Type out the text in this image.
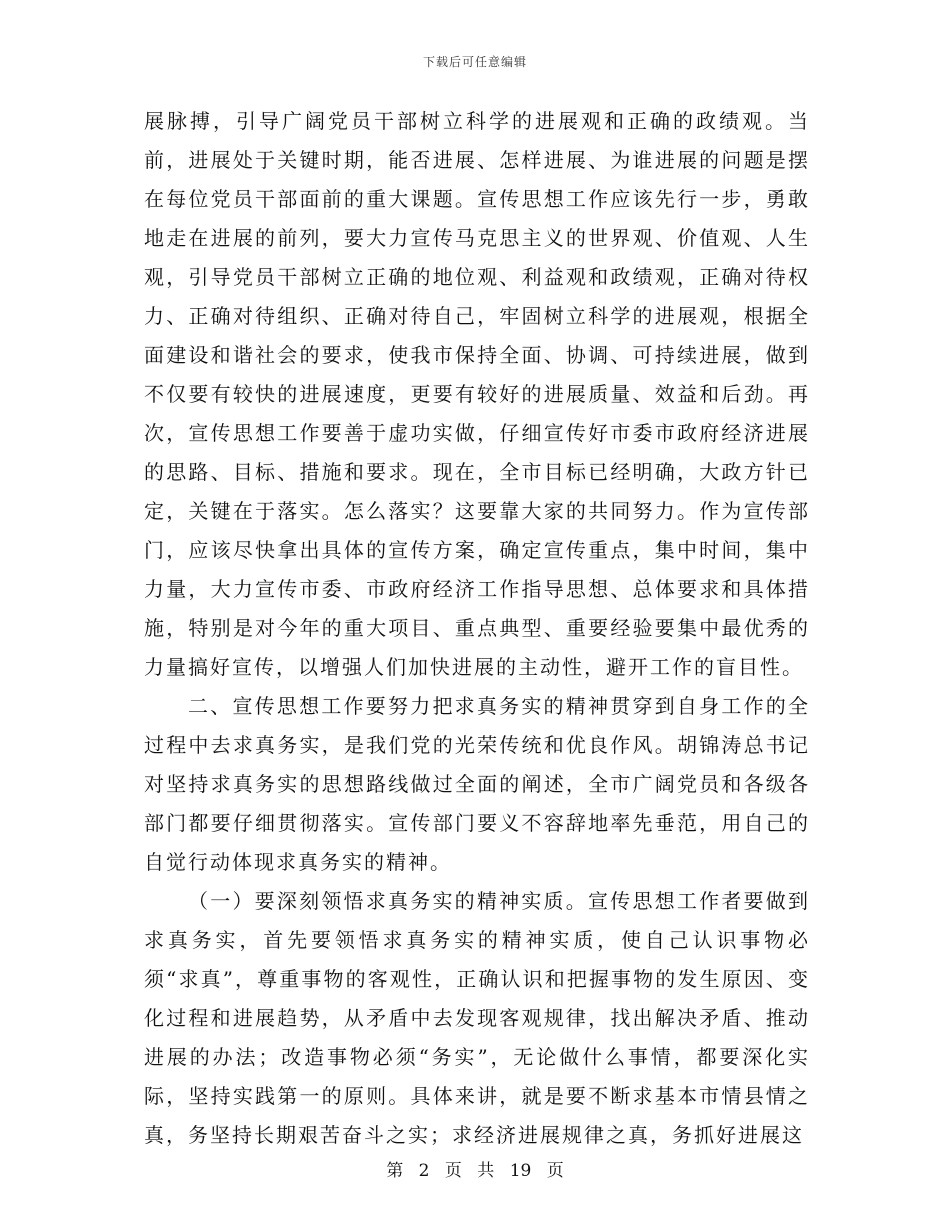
下载后可任意编辑

展脉搏，引导广阔党员干部树立科学的进展观和正确的政绩观。当前，进展处于关键时期，能否进展、怎样进展、为谁进展的问题是摆在每位党员干部面前的重大课题。宣传思想工作应该先行一步，勇敢地走在进展的前列，要大力宣传马克思主义的世界观、价值观、人生观，引导党员干部树立正确的地位观、利益观和政绩观，正确对待权力、正确对待组织、正确对待自己，牢固树立科学的进展观，根据全面建设和谐社会的要求，使我市保持全面、协调、可持续进展，做到不仅要有较快的进展速度，更要有较好的进展质量、效益和后劲。再次，宣传思想工作要善于虚功实做，仔细宣传好市委市政府经济进展的思路、目标、措施和要求。现在，全市目标已经明确，大政方针已定，关键在于落实。怎么落实？这要靠大家的共同努力。作为宣传部门，应该尽快拿出具体的宣传方案，确定宣传重点，集中时间，集中力量，大力宣传市委、市政府经济工作指导思想、总体要求和具体措施，特别是对今年的重大项目、重点典型、重要经验要集中最优秀的力量搞好宣传，以增强人们加快进展的主动性，避开工作的盲目性。

二、宣传思想工作要努力把求真务实的精神贯穿到自身工作的全过程中去求真务实，是我们党的光荣传统和优良作风。胡锦涛总书记对坚持求真务实的思想路线做过全面的阐述，全市广阔党员和各级各部门都要仔细贯彻落实。宣传部门要义不容辞地率先垂范，用自己的自觉行动体现求真务实的精神。

（一）要深刻领悟求真务实的精神实质。宣传思想工作者要做到求真务实，首先要领悟求真务实的精神实质，使自己认识事物必须“求真”，尊重事物的客观性，正确认识和把握事物的发生原因、变化过程和进展趋势，从矛盾中去发现客观规律，找出解决矛盾、推动进展的办法；改造事物必须“务实”，无论做什么事情，都要深化实际，坚持实践第一的原则。具体来讲，就是要不断求基本市情县情之真，务坚持长期艰苦奋斗之实；求经济进展规律之真，务抓好进展这

第 2 页 共 19 页
